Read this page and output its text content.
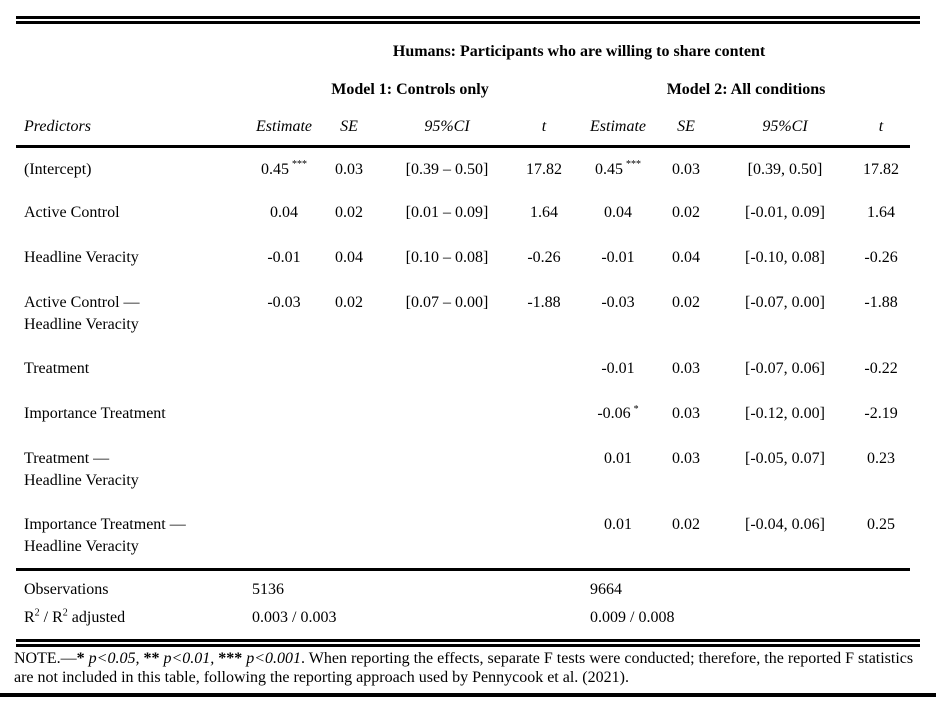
	Humans: Participants who are willing to share content								
	Model 1: Controls only					Model 2: All conditions			
Predictors	Estimate	SE	95%CI	t		Estimate	SE	95%CI	t

(Intercept)	0.45 ***	0.03	[0.39 – 0.50]	17.82		0.45 ***	0.03	[0.39, 0.50]	17.82

Active Control	0.04	0.02	[0.01 – 0.09]	1.64		0.04	0.02	[-0.01, 0.09]	1.64

Headline Veracity	-0.01	0.04	[0.10 – 0.08]	-0.26		-0.01	0.04	[-0.10, 0.08]	-0.26

Active Control —
Headline Veracity	-0.03	0.02	[0.07 – 0.00]	-1.88		-0.03	0.02	[-0.07, 0.00]	-1.88

Treatment						-0.01	0.03	[-0.07, 0.06]	-0.22

Importance Treatment						-0.06 *	0.03	[-0.12, 0.00]	-2.19

Treatment —
Headline Veracity						0.01	0.03	[-0.05, 0.07]	0.23

Importance Treatment —
Headline Veracity						0.01	0.02	[-0.04, 0.06]	0.25
Observations	5136					9664			
$R^2 / R^2$ adjusted	0.003 / 0.003					0.009 / 0.008			
NOTE.—* p<0.05, ** p<0.01, *** p<0.001. When reporting the effects, separate F tests were conducted; therefore, the reported F statistics are not included in this table, following the reporting approach used by Pennycook et al. (2021).
